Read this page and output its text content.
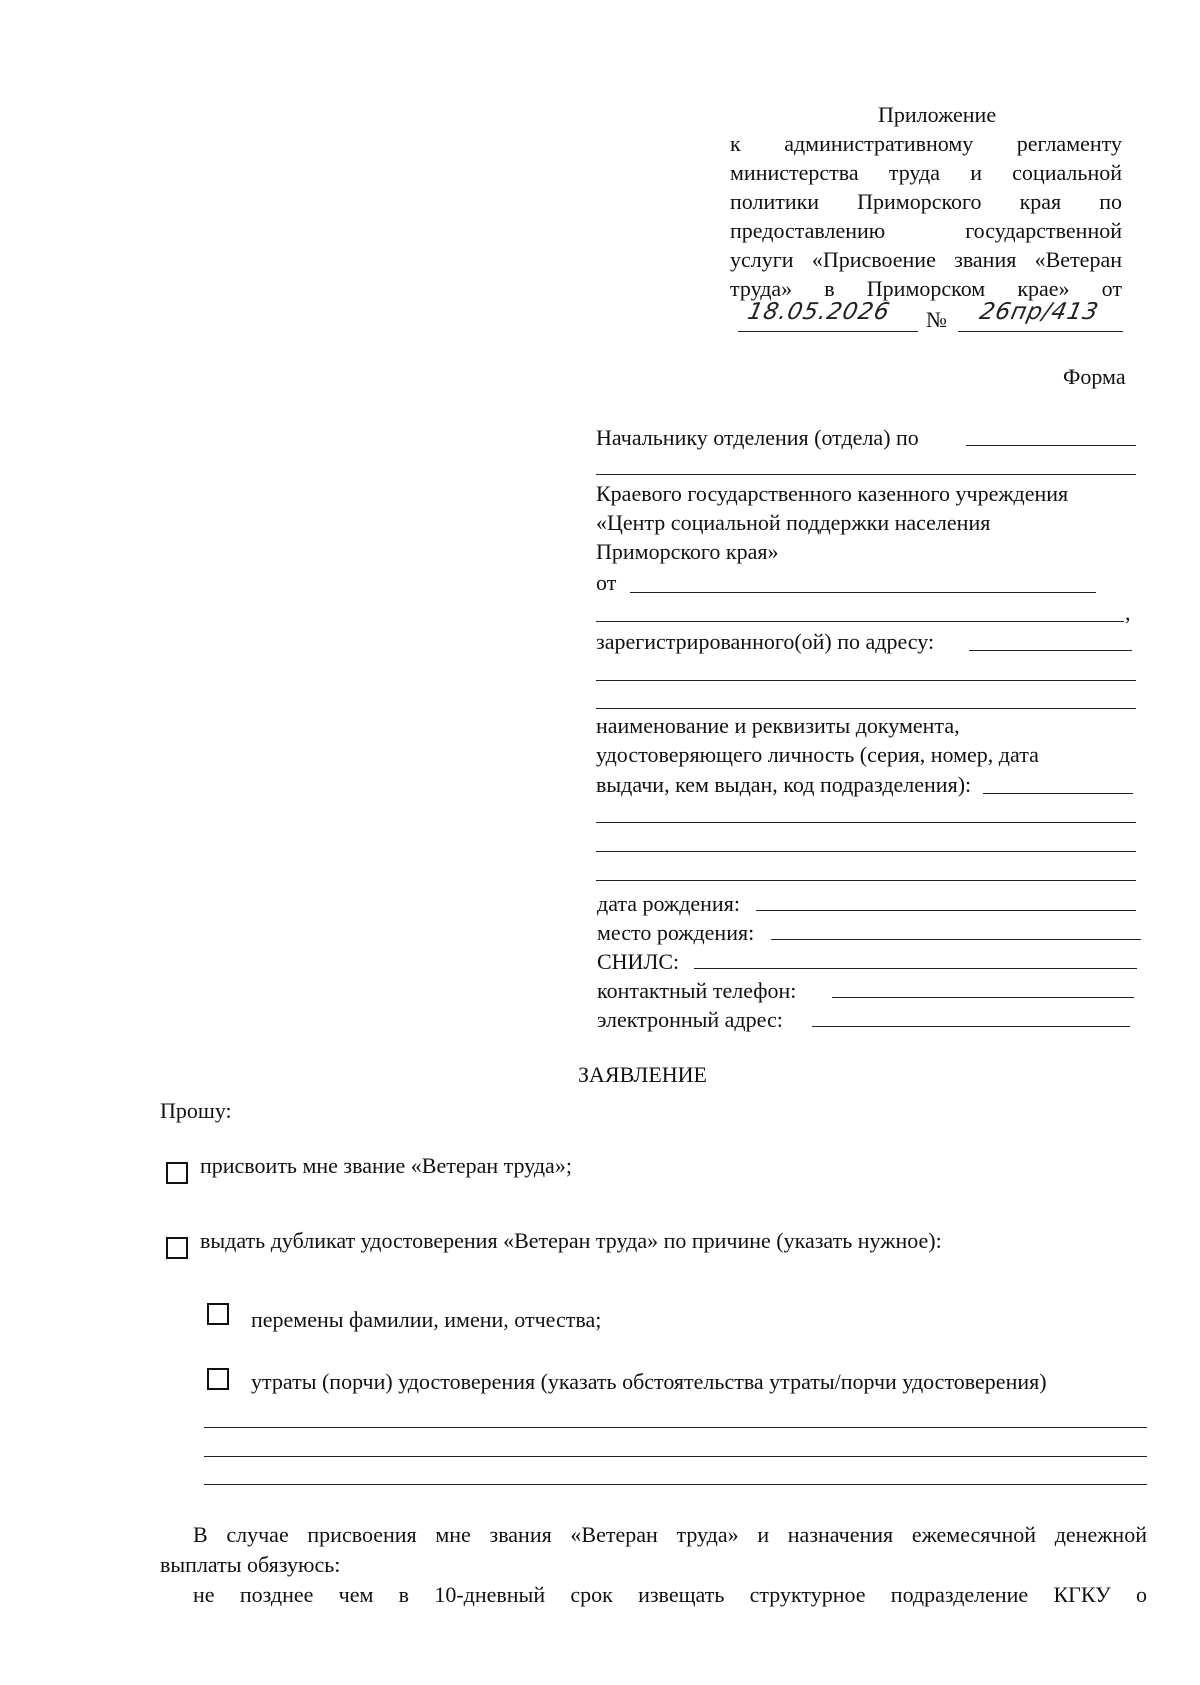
Приложение
к административному регламенту
министерства труда и социальной
политики Приморского края по
предоставлению	государственной
услуги «Присвоение звания «Ветеран
труда» в Приморском крае» от
18.05.2026 № 26пр/413
Форма
Начальнику отделения (отдела) по
Краевого государственного казенного учреждения
«Центр социальной поддержки населения
Приморского края»
от
,
зарегистрированного(ой) по адресу:
наименование и реквизиты документа,
удостоверяющего личность (серия, номер, дата
выдачи, кем выдан, код подразделения):
дата рождения:
место рождения:
СНИЛС:
контактный телефон:
электронный адрес:
ЗАЯВЛЕНИЕ
Прошу:
присвоить мне звание «Ветеран труда»;
выдать дубликат удостоверения «Ветеран труда» по причине (указать нужное):
перемены фамилии, имени, отчества;
утраты (порчи) удостоверения (указать обстоятельства утраты/порчи удостоверения)
В случае присвоения мне звания «Ветеран труда» и назначения ежемесячной денежной
выплаты обязуюсь:
не позднее чем в 10-дневный срок извещать структурное подразделение КГКУ о
